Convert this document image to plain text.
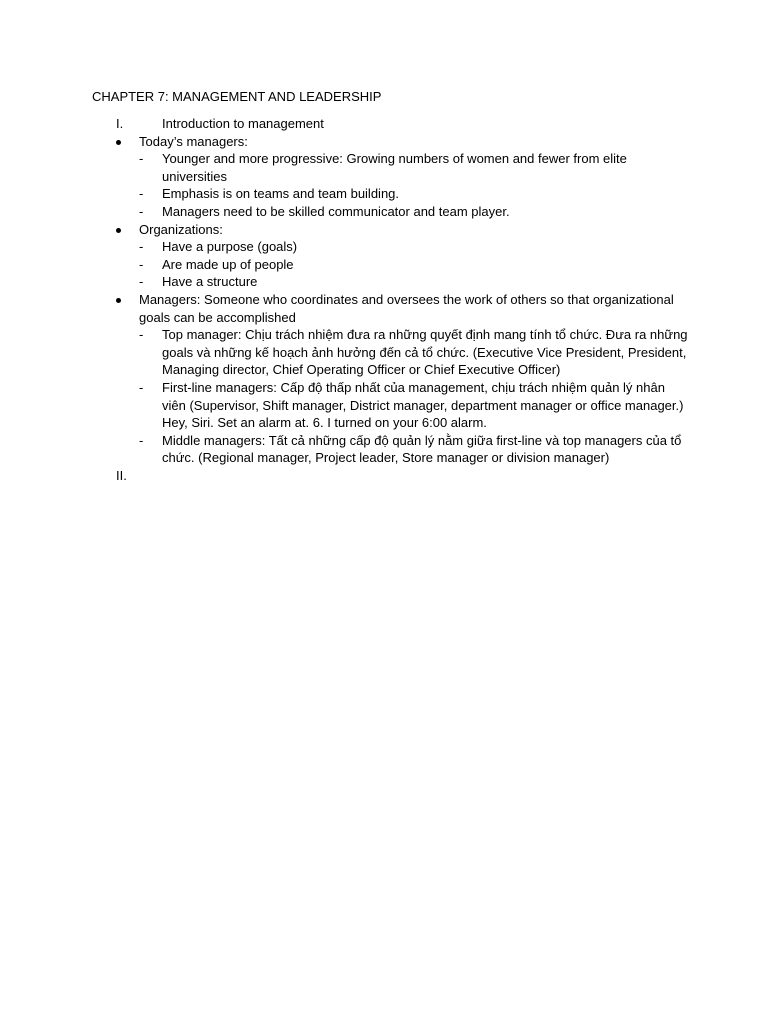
CHAPTER 7: MANAGEMENT AND LEADERSHIP
I.	Introduction to management
Today’s managers:
-	Younger and more progressive: Growing numbers of women and fewer from elite universities
-	Emphasis is on teams and team building.
-	Managers need to be skilled communicator and team player.
Organizations:
-	Have a purpose (goals)
-	Are made up of people
-	Have a structure
Managers: Someone who coordinates and oversees the work of others so that organizational goals can be accomplished
-	Top manager: Chịu trách nhiệm đưa ra những quyết định mang tính tổ chức. Đưa ra những goals và những kế hoạch ảnh hưởng đến cả tổ chức. (Executive Vice President, President, Managing director, Chief Operating Officer or Chief Executive Officer)
-	First-line managers: Cấp độ thấp nhất của management, chịu trách nhiệm quản lý nhân viên (Supervisor, Shift manager, District manager, department manager or office manager.) Hey, Siri. Set an alarm at. 6. I turned on your 6:00 alarm.
-	Middle managers: Tất cả những cấp độ quản lý nằm giữa first-line và top managers của tổ chức. (Regional manager, Project leader, Store manager or division manager)
II.
